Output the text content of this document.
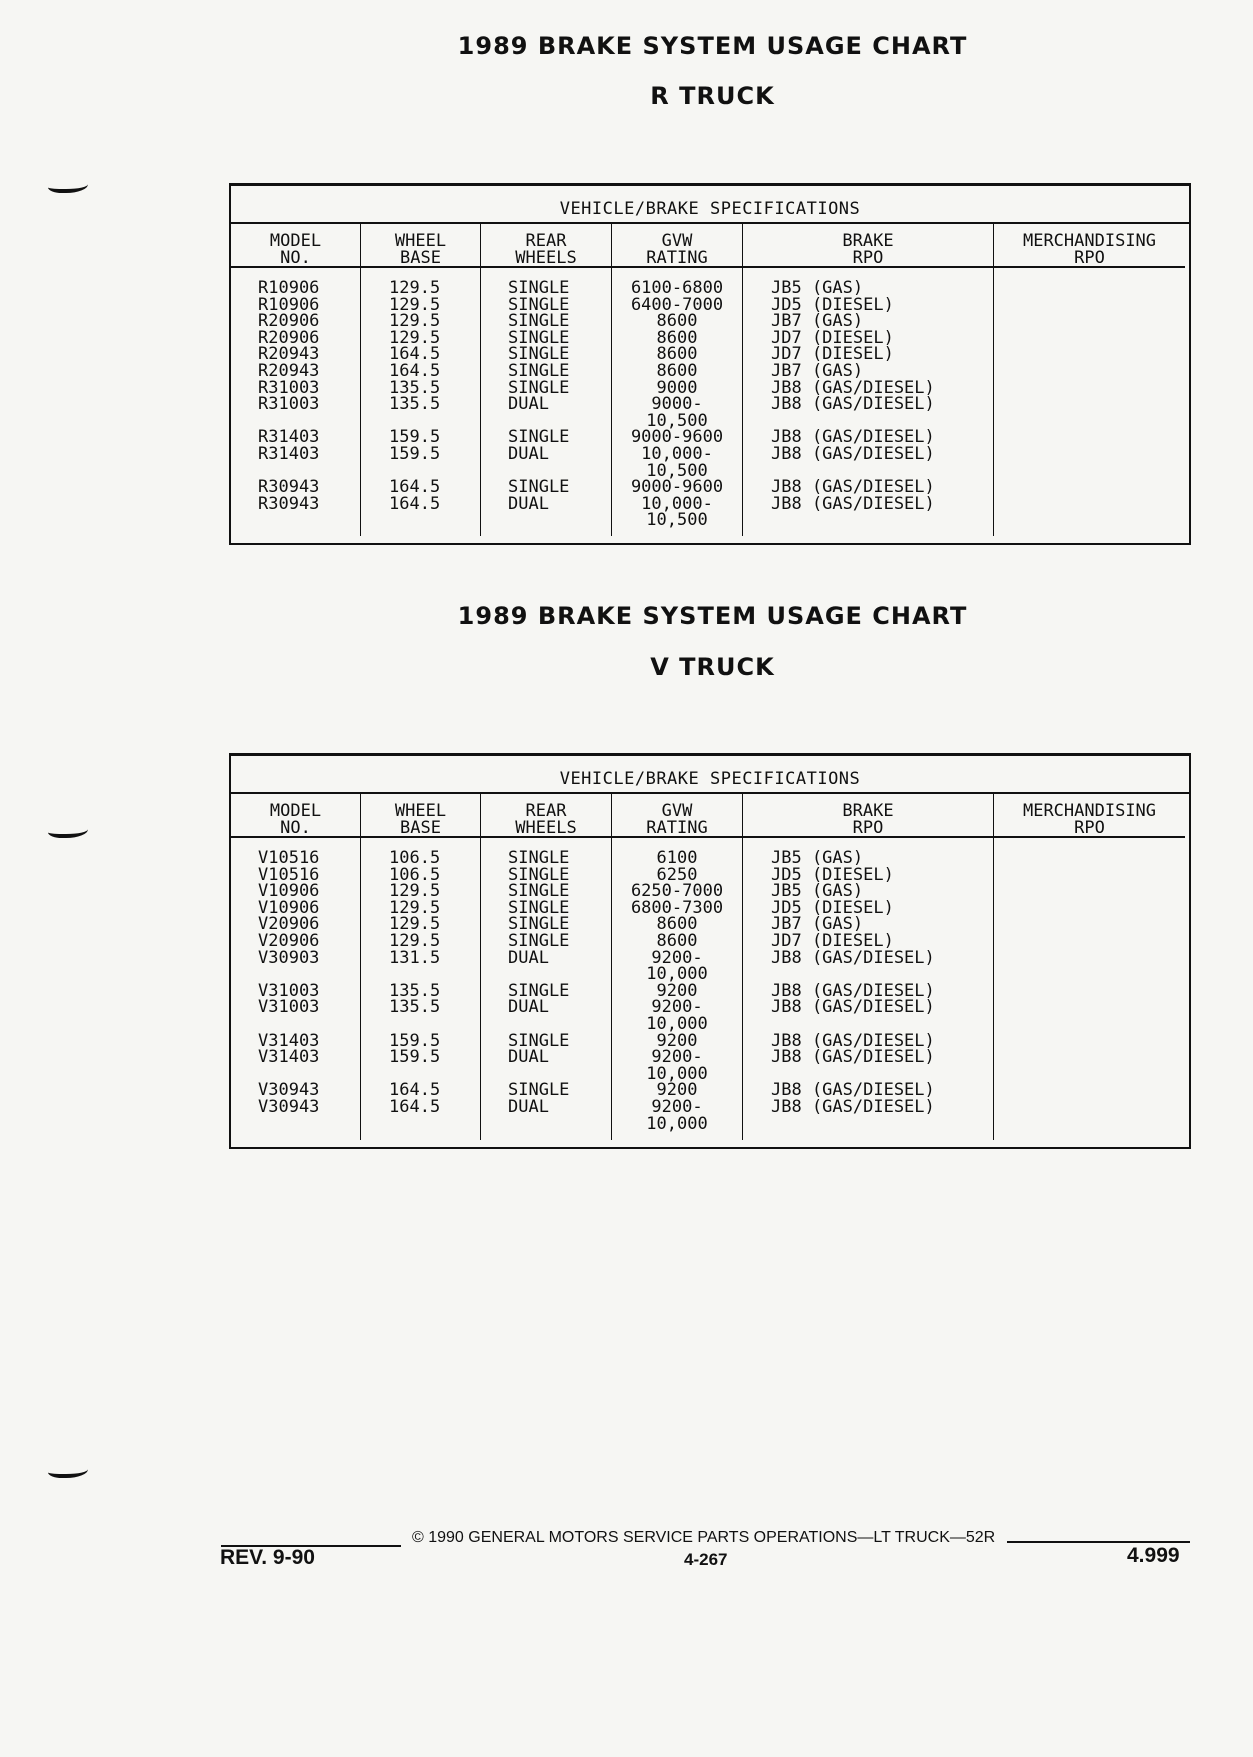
1989 BRAKE SYSTEM USAGE CHART
R TRUCK
VEHICLE/BRAKE SPECIFICATIONS
MODEL
NO.
WHEEL
BASE
REAR
WHEELS
GVW
RATING
BRAKE
RPO
MERCHANDISING
RPO
R10906
R10906
R20906
R20906
R20943
R20943
R31003
R31003

R31403
R31403

R30943
R30943
129.5
129.5
129.5
129.5
164.5
164.5
135.5
135.5

159.5
159.5

164.5
164.5
SINGLE
SINGLE
SINGLE
SINGLE
SINGLE
SINGLE
SINGLE
DUAL

SINGLE
DUAL

SINGLE
DUAL
6100-6800
6400-7000
8600
8600
8600
8600
9000
9000-
10,500
9000-9600
10,000-
10,500
9000-9600
10,000-
10,500
JB5 (GAS)
JD5 (DIESEL)
JB7 (GAS)
JD7 (DIESEL)
JD7 (DIESEL)
JB7 (GAS)
JB8 (GAS/DIESEL)
JB8 (GAS/DIESEL)

JB8 (GAS/DIESEL)
JB8 (GAS/DIESEL)

JB8 (GAS/DIESEL)
JB8 (GAS/DIESEL)
1989 BRAKE SYSTEM USAGE CHART
V TRUCK
VEHICLE/BRAKE SPECIFICATIONS
MODEL
NO.
WHEEL
BASE
REAR
WHEELS
GVW
RATING
BRAKE
RPO
MERCHANDISING
RPO
V10516
V10516
V10906
V10906
V20906
V20906
V30903

V31003
V31003

V31403
V31403

V30943
V30943
106.5
106.5
129.5
129.5
129.5
129.5
131.5

135.5
135.5

159.5
159.5

164.5
164.5
SINGLE
SINGLE
SINGLE
SINGLE
SINGLE
SINGLE
DUAL

SINGLE
DUAL

SINGLE
DUAL

SINGLE
DUAL
6100
6250
6250-7000
6800-7300
8600
8600
9200-
10,000
9200
9200-
10,000
9200
9200-
10,000
9200
9200-
10,000
JB5 (GAS)
JD5 (DIESEL)
JB5 (GAS)
JD5 (DIESEL)
JB7 (GAS)
JD7 (DIESEL)
JB8 (GAS/DIESEL)

JB8 (GAS/DIESEL)
JB8 (GAS/DIESEL)

JB8 (GAS/DIESEL)
JB8 (GAS/DIESEL)

JB8 (GAS/DIESEL)
JB8 (GAS/DIESEL)
© 1990 GENERAL MOTORS SERVICE PARTS OPERATIONS—LT TRUCK—52R
REV. 9-90	4-267	4.999
